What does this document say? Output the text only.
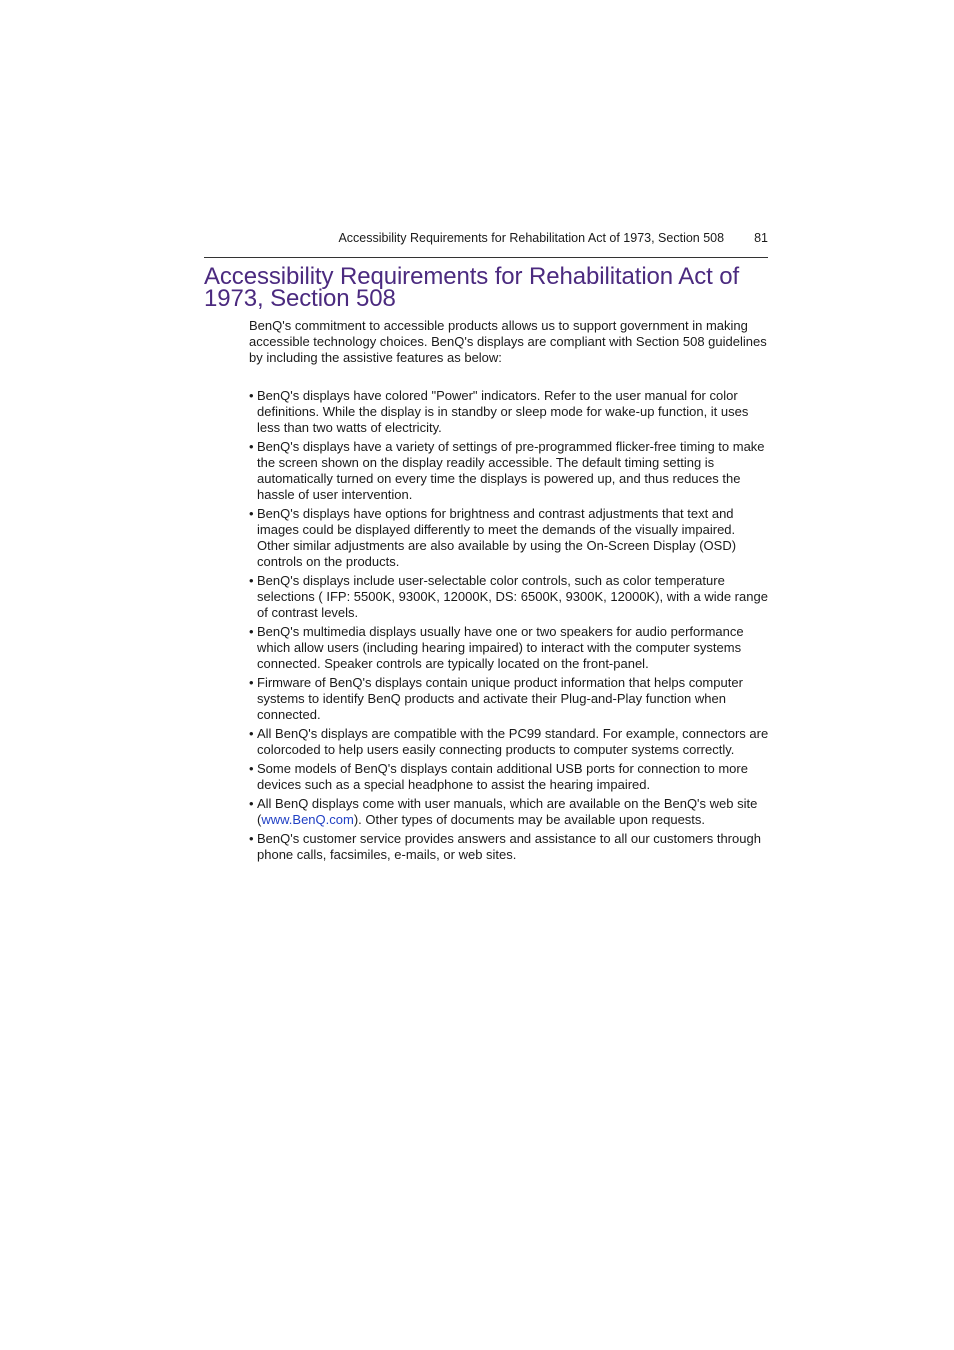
Accessibility Requirements for Rehabilitation Act of 1973, Section 508 81
Accessibility Requirements for Rehabilitation Act of
1973, Section 508

BenQ's commitment to accessible products allows us to support government in making accessible technology choices. BenQ's displays are compliant with Section 508 guidelines by including the assistive features as below:

• BenQ's displays have colored "Power" indicators. Refer to the user manual for color definitions. While the display is in standby or sleep mode for wake-up function, it uses less than two watts of electricity.
• BenQ's displays have a variety of settings of pre-programmed flicker-free timing to make the screen shown on the display readily accessible. The default timing setting is automatically turned on every time the displays is powered up, and thus reduces the hassle of user intervention.
• BenQ's displays have options for brightness and contrast adjustments that text and images could be displayed differently to meet the demands of the visually impaired. Other similar adjustments are also available by using the On-Screen Display (OSD) controls on the products.
• BenQ's displays include user-selectable color controls, such as color temperature selections ( IFP: 5500K, 9300K, 12000K, DS: 6500K, 9300K, 12000K), with a wide range of contrast levels.
• BenQ's multimedia displays usually have one or two speakers for audio performance which allow users (including hearing impaired) to interact with the computer systems connected. Speaker controls are typically located on the front-panel.
• Firmware of BenQ's displays contain unique product information that helps computer systems to identify BenQ products and activate their Plug-and-Play function when connected.
• All BenQ's displays are compatible with the PC99 standard. For example, connectors are colorcoded to help users easily connecting products to computer systems correctly.
• Some models of BenQ's displays contain additional USB ports for connection to more devices such as a special headphone to assist the hearing impaired.
• All BenQ displays come with user manuals, which are available on the BenQ's web site (www.BenQ.com). Other types of documents may be available upon requests.
• BenQ's customer service provides answers and assistance to all our customers through phone calls, facsimiles, e-mails, or web sites.
